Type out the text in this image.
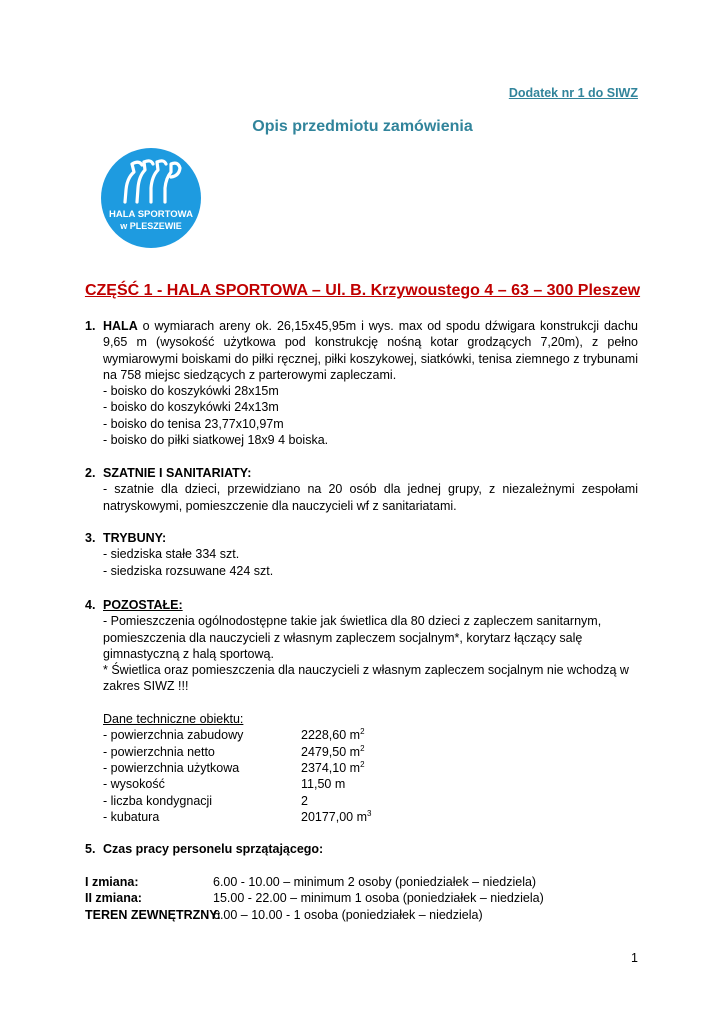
Dodatek nr 1 do SIWZ
Opis przedmiotu zamówienia
HALA SPORTOWA
w PLESZEWIE
CZĘŚĆ 1 - HALA SPORTOWA – Ul. B. Krzywoustego 4 – 63 – 300 Pleszew
1. HALA o wymiarach areny ok. 26,15x45,95m i wys. max od spodu dźwigara konstrukcji dachu 9,65 m (wysokość użytkowa pod konstrukcję nośną kotar grodzących 7,20m), z pełno wymiarowymi boiskami do piłki ręcznej, piłki koszykowej, siatkówki, tenisa ziemnego z trybunami na 758 miejsc siedzących z parterowymi zapleczami.
- boisko do koszykówki 28x15m
- boisko do koszykówki 24x13m
- boisko do tenisa 23,77x10,97m
- boisko do piłki siatkowej 18x9 4 boiska.
2. SZATNIE I SANITARIATY:
- szatnie dla dzieci, przewidziano na 20 osób dla jednej grupy, z niezależnymi zespołami natryskowymi, pomieszczenie dla nauczycieli wf z sanitariatami.
3. TRYBUNY:
- siedziska stałe 334 szt.
- siedziska rozsuwane 424 szt.
4. POZOSTAŁE:
- Pomieszczenia ogólnodostępne takie jak świetlica dla 80 dzieci z zapleczem sanitarnym,
pomieszczenia dla nauczycieli z własnym zapleczem socjalnym*, korytarz łączący salę
gimnastyczną z halą sportową.
* Świetlica oraz pomieszczenia dla nauczycieli z własnym zapleczem socjalnym nie wchodzą w
zakres SIWZ !!!
Dane techniczne obiektu:
- powierzchnia zabudowy	2228,60 $m^2$
- powierzchnia netto	2479,50 $m^2$
- powierzchnia użytkowa	2374,10 $m^2$
- wysokość	11,50 m
- liczba kondygnacji	2
- kubatura	20177,00 $m^3$
5. Czas pracy personelu sprzątającego:
I zmiana:	6.00 - 10.00 – minimum 2 osoby (poniedziałek – niedziela)
II zmiana:	15.00 - 22.00 – minimum 1 osoba (poniedziałek – niedziela)
TEREN ZEWNĘTRZNY:
6.00 – 10.00 - 1 osoba (poniedziałek – niedziela)
1
